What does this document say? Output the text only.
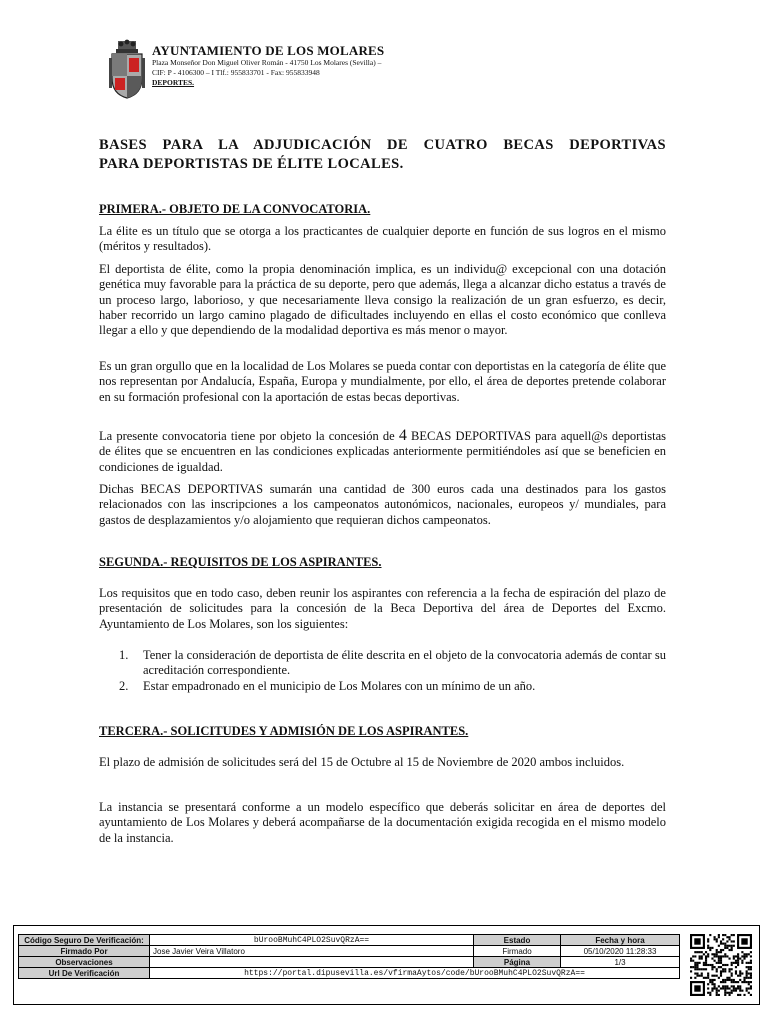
AYUNTAMIENTO DE LOS MOLARES
Plaza Monseñor Don Miguel Oliver Román - 41750 Los Molares (Sevilla) –
CIF: P - 4106300 – I Tlf.: 955833701 - Fax: 955833948
DEPORTES.
BASES PARA LA ADJUDICACIÓN DE CUATRO BECAS DEPORTIVAS
PARA DEPORTISTAS DE ÉLITE LOCALES.
PRIMERA.- OBJETO DE LA CONVOCATORIA.

La élite es un título que se otorga a los practicantes de cualquier deporte en función de sus logros en el mismo (méritos y resultados).

El deportista de élite, como la propia denominación implica, es un individu@ excepcional con una dotación genética muy favorable para la práctica de su deporte, pero que además, llega a alcanzar dicho estatus a través de un proceso largo, laborioso, y que necesariamente lleva consigo la realización de un gran esfuerzo, es decir, haber recorrido un largo camino plagado de dificultades incluyendo en ellas el costo económico que conlleva llegar a ello y que dependiendo de la modalidad deportiva es más menor o mayor.

Es un gran orgullo que en la localidad de Los Molares se pueda contar con deportistas en la categoría de élite que nos representan por Andalucía, España, Europa y mundialmente, por ello, el área de deportes pretende colaborar en su formación profesional con la aportación de estas becas deportivas.

La presente convocatoria tiene por objeto la concesión de 4 BECAS DEPORTIVAS para aquell@s deportistas de élites que se encuentren en las condiciones explicadas anteriormente permitiéndoles así que se beneficien en condiciones de igualdad.

Dichas BECAS DEPORTIVAS sumarán una cantidad de 300 euros cada una destinados para los gastos relacionados con las inscripciones a los campeonatos autonómicos, nacionales, europeos y/ mundiales, para gastos de desplazamientos y/o alojamiento que requieran dichos campeonatos.

SEGUNDA.- REQUISITOS DE LOS ASPIRANTES.

Los requisitos que en todo caso, deben reunir los aspirantes con referencia a la fecha de espiración del plazo de presentación de solicitudes para la concesión de la Beca Deportiva del área de Deportes del Excmo. Ayuntamiento de Los Molares, son los siguientes:

1. Tener la consideración de deportista de élite descrita en el objeto de la convocatoria además de contar su acreditación correspondiente.
2. Estar empadronado en el municipio de Los Molares con un mínimo de un año.
TERCERA.- SOLICITUDES Y ADMISIÓN DE LOS ASPIRANTES.

El plazo de admisión de solicitudes será del 15 de Octubre al 15 de Noviembre de 2020 ambos incluidos.

La instancia se presentará conforme a un modelo específico que deberás solicitar en área de deportes del ayuntamiento de Los Molares y deberá acompañarse de la documentación exigida recogida en el mismo modelo de la instancia.

Código Seguro De Verificación:	bUrooBMuhC4PLO2SuvQRzA==	Estado	Fecha y hora
Firmado Por	Jose Javier Veira Villatoro	Firmado	05/10/2020 11:28:33
Observaciones		Página	1/3
Url De Verificación	https://portal.dipusevilla.es/vfirmaAytos/code/bUrooBMuhC4PLO2SuvQRzA==		
